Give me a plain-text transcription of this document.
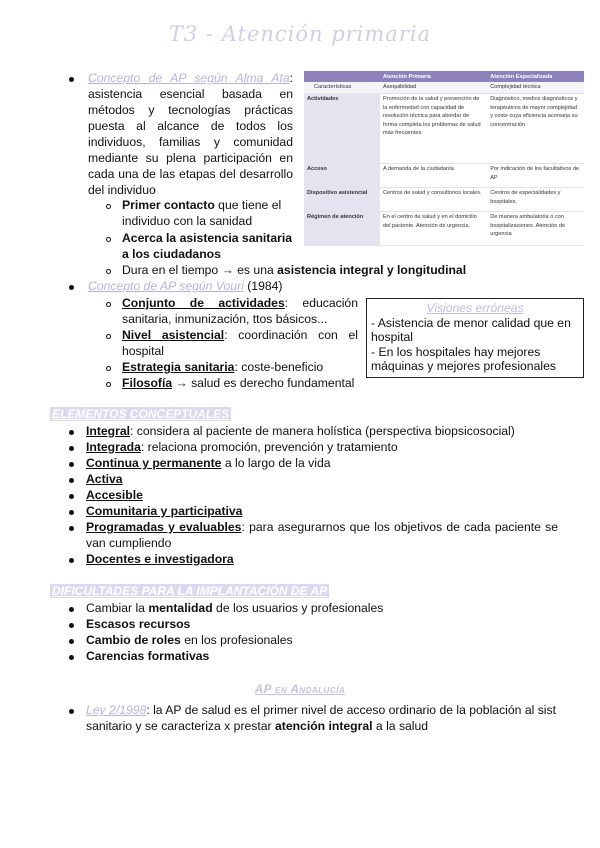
T3 - Atención primaria
Concepto de AP según Alma Ata: asistencia esencial basada en métodos y tecnologías prácticas puesta al alcance de todos los individuos, familias y comunidad mediante su plena participación en cada una de las etapas del desarrollo del individuo
Primer contacto que tiene el individuo con la sanidad
Acerca la asistencia sanitaria a los ciudadanos
Dura en el tiempo → es una asistencia integral y longitudinal
	Atención Primaria	Atención Especializada
Características	Asequibilidad	Complejidad técnica
Actividades	Promoción de la salud y prevención de la enfermedad con capacidad de resolución técnica para abordar de forma completa los problemas de salud más frecuentes.	Diagnóstico, medios diagnósticos y terapéuticos de mayor complejidad y coste cuya eficiencia aconseja su concentración
Acceso	A demanda de la ciudadanía	Por indicación de los facultativos de AP
Dispositivo asistencial	Centros de salud y consultorios locales.	Centros de especialidades y hospitales.
Régimen de atención	En el centro de salud y en el domicilio del paciente. Atención de urgencia.	De manera ambulatoria o con hospitalizaciones. Atención de urgencia
Concepto de AP según Vouri (1984)
Conjunto de actividades: educación sanitaria, inmunización, ttos básicos...
Nivel asistencial: coordinación con el hospital
Estrategia sanitaria: coste-beneficio
Filosofía → salud es derecho fundamental
Visiones erróneas
- Asistencia de menor calidad que en hospital
- En los hospitales hay mejores máquinas y mejores profesionales
ELEMENTOS CONCEPTUALES
Integral: considera al paciente de manera holística (perspectiva biopsicosocial)
Integrada: relaciona promoción, prevención y tratamiento
Continua y permanente a lo largo de la vida
Activa
Accesible
Comunitaria y participativa
Programadas y evaluables: para asegurarnos que los objetivos de cada paciente se van cumpliendo
Docentes e investigadora
DIFICULTADES PARA LA IMPLANTACIÓN DE AP
Cambiar la mentalidad de los usuarios y profesionales
Escasos recursos
Cambio de roles en los profesionales
Carencias formativas
AP en Andalucía
Ley 2/1998: la AP de salud es el primer nivel de acceso ordinario de la población al sist sanitario y se caracteriza x prestar atención integral a la salud
